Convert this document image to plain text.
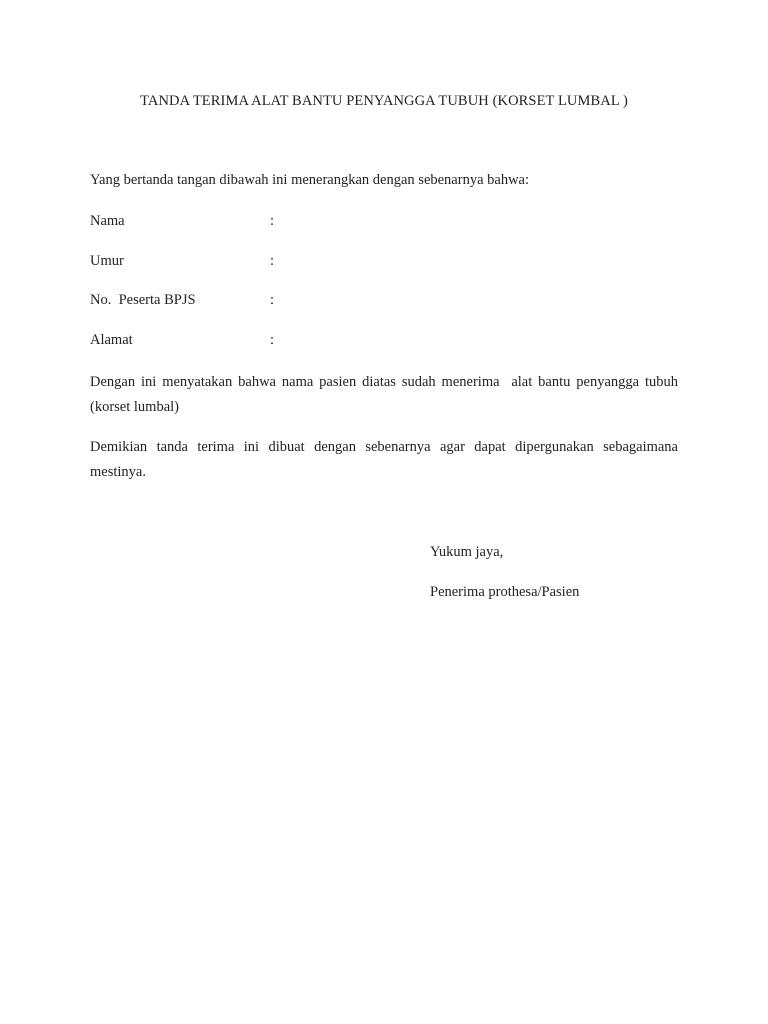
TANDA TERIMA ALAT BANTU PENYANGGA TUBUH (KORSET LUMBAL )
Yang bertanda tangan dibawah ini menerangkan dengan sebenarnya bahwa:
Nama	:
Umur	:
No.  Peserta BPJS	:
Alamat	:
Dengan ini menyatakan bahwa nama pasien diatas sudah menerima  alat bantu penyangga tubuh
(korset lumbal)
Demikian tanda terima ini dibuat dengan sebenarnya agar dapat dipergunakan sebagaimana
mestinya.
Yukum jaya,
Penerima prothesa/Pasien
